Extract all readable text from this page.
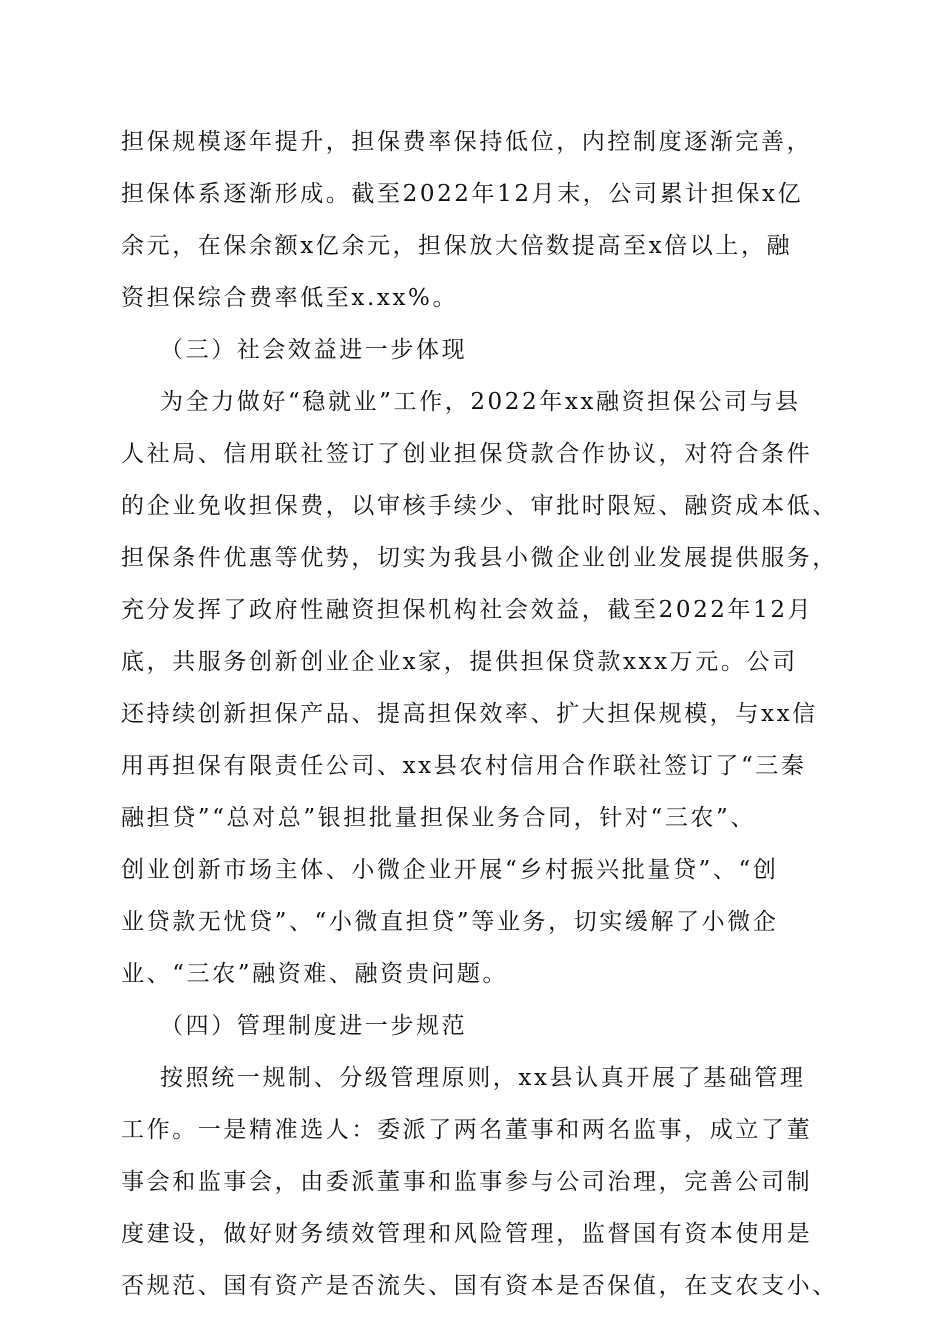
担保规模逐年提升，担保费率保持低位，内控制度逐渐完善，
担保体系逐渐形成。截至2022年12月末，公司累计担保x亿
余元，在保余额x亿余元，担保放大倍数提高至x倍以上，融
资担保综合费率低至x.xx%。
（三）社会效益进一步体现
为全力做好“稳就业”工作，2022年xx融资担保公司与县
人社局、信用联社签订了创业担保贷款合作协议，对符合条件
的企业免收担保费，以审核手续少、审批时限短、融资成本低、
担保条件优惠等优势，切实为我县小微企业创业发展提供服务，
充分发挥了政府性融资担保机构社会效益，截至2022年12月
底，共服务创新创业企业x家，提供担保贷款xxx万元。公司
还持续创新担保产品、提高担保效率、扩大担保规模，与xx信
用再担保有限责任公司、xx县农村信用合作联社签订了“三秦
融担贷”“总对总”银担批量担保业务合同，针对“三农”、
创业创新市场主体、小微企业开展“乡村振兴批量贷”、“创
业贷款无忧贷”、“小微直担贷”等业务，切实缓解了小微企
业、“三农”融资难、融资贵问题。
（四）管理制度进一步规范
按照统一规制、分级管理原则，xx县认真开展了基础管理
工作。一是精准选人：委派了两名董事和两名监事，成立了董
事会和监事会，由委派董事和监事参与公司治理，完善公司制
度建设，做好财务绩效管理和风险管理，监督国有资本使用是
否规范、国有资产是否流失、国有资本是否保值，在支农支小、
